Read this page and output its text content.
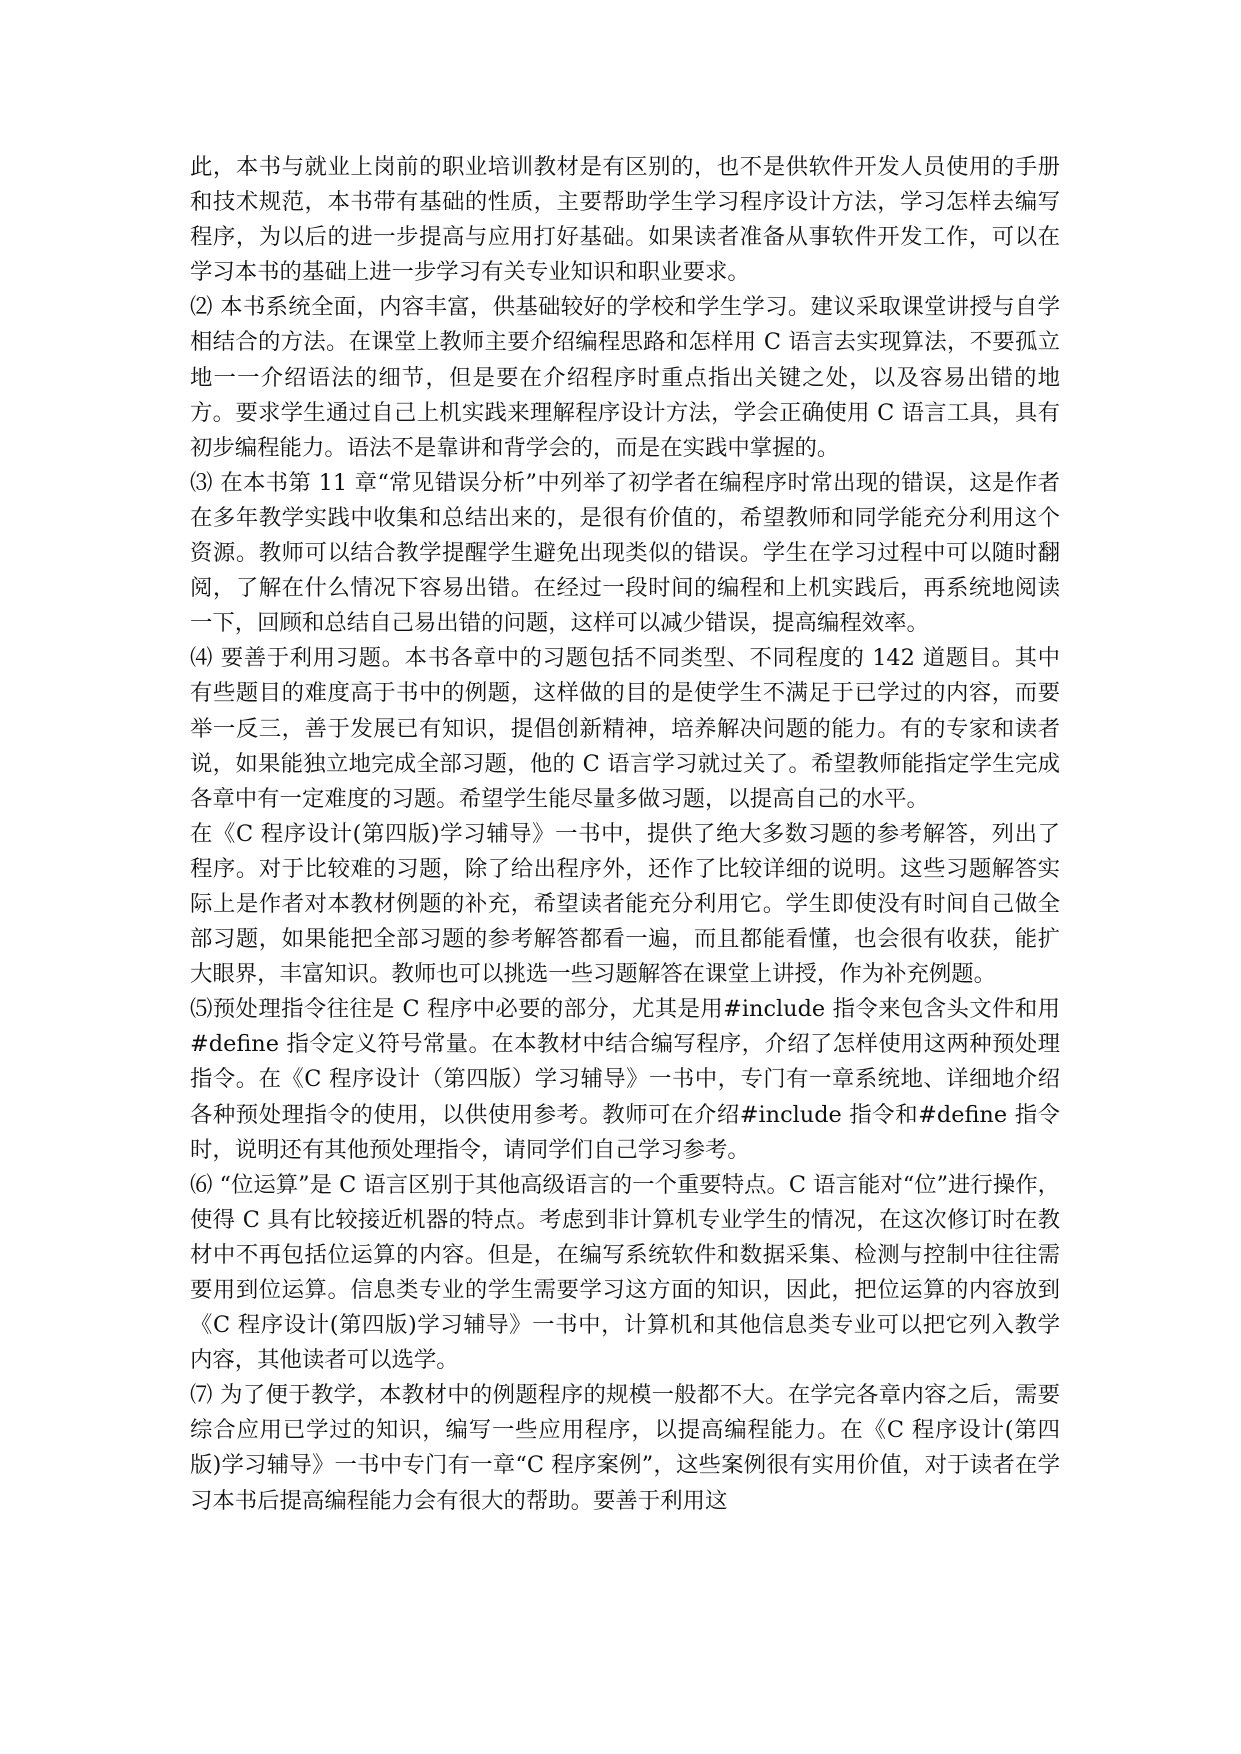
此，本书与就业上岗前的职业培训教材是有区别的，也不是供软件开发人员使用的手册和技术规范，本书带有基础的性质，主要帮助学生学习程序设计方法，学习怎样去编写程序，为以后的进一步提高与应用打好基础。如果读者准备从事软件开发工作，可以在学习本书的基础上进一步学习有关专业知识和职业要求。

⑵ 本书系统全面，内容丰富，供基础较好的学校和学生学习。建议采取课堂讲授与自学相结合的方法。在课堂上教师主要介绍编程思路和怎样用 C 语言去实现算法，不要孤立地一一介绍语法的细节，但是要在介绍程序时重点指出关键之处，以及容易出错的地方。要求学生通过自己上机实践来理解程序设计方法，学会正确使用 C 语言工具，具有初步编程能力。语法不是靠讲和背学会的，而是在实践中掌握的。

⑶ 在本书第 11 章“常见错误分析”中列举了初学者在编程序时常出现的错误，这是作者在多年教学实践中收集和总结出来的，是很有价值的，希望教师和同学能充分利用这个资源。教师可以结合教学提醒学生避免出现类似的错误。学生在学习过程中可以随时翻阅，了解在什么情况下容易出错。在经过一段时间的编程和上机实践后，再系统地阅读一下，回顾和总结自己易出错的问题，这样可以减少错误，提高编程效率。

⑷ 要善于利用习题。本书各章中的习题包括不同类型、不同程度的 142 道题目。其中有些题目的难度高于书中的例题，这样做的目的是使学生不满足于已学过的内容，而要举一反三，善于发展已有知识，提倡创新精神，培养解决问题的能力。有的专家和读者说，如果能独立地完成全部习题，他的 C 语言学习就过关了。希望教师能指定学生完成各章中有一定难度的习题。希望学生能尽量多做习题，以提高自己的水平。

在《C 程序设计(第四版)学习辅导》一书中，提供了绝大多数习题的参考解答，列出了程序。对于比较难的习题，除了给出程序外，还作了比较详细的说明。这些习题解答实际上是作者对本教材例题的补充，希望读者能充分利用它。学生即使没有时间自己做全部习题，如果能把全部习题的参考解答都看一遍，而且都能看懂，也会很有收获，能扩大眼界，丰富知识。教师也可以挑选一些习题解答在课堂上讲授，作为补充例题。

⑸预处理指令往往是 C 程序中必要的部分，尤其是用#include 指令来包含头文件和用#define 指令定义符号常量。在本教材中结合编写程序，介绍了怎样使用这两种预处理指令。在《C 程序设计（第四版）学习辅导》一书中，专门有一章系统地、详细地介绍各种预处理指令的使用，以供使用参考。教师可在介绍#include 指令和#define 指令时，说明还有其他预处理指令，请同学们自己学习参考。

⑹ “位运算”是 C 语言区别于其他高级语言的一个重要特点。C 语言能对“位”进行操作，使得 C 具有比较接近机器的特点。考虑到非计算机专业学生的情况，在这次修订时在教材中不再包括位运算的内容。但是，在编写系统软件和数据采集、检测与控制中往往需要用到位运算。信息类专业的学生需要学习这方面的知识，因此，把位运算的内容放到《C 程序设计(第四版)学习辅导》一书中，计算机和其他信息类专业可以把它列入教学内容，其他读者可以选学。

⑺ 为了便于教学，本教材中的例题程序的规模一般都不大。在学完各章内容之后，需要综合应用已学过的知识，编写一些应用程序，以提高编程能力。在《C 程序设计(第四版)学习辅导》一书中专门有一章“C 程序案例”，这些案例很有实用价值，对于读者在学习本书后提高编程能力会有很大的帮助。要善于利用这
